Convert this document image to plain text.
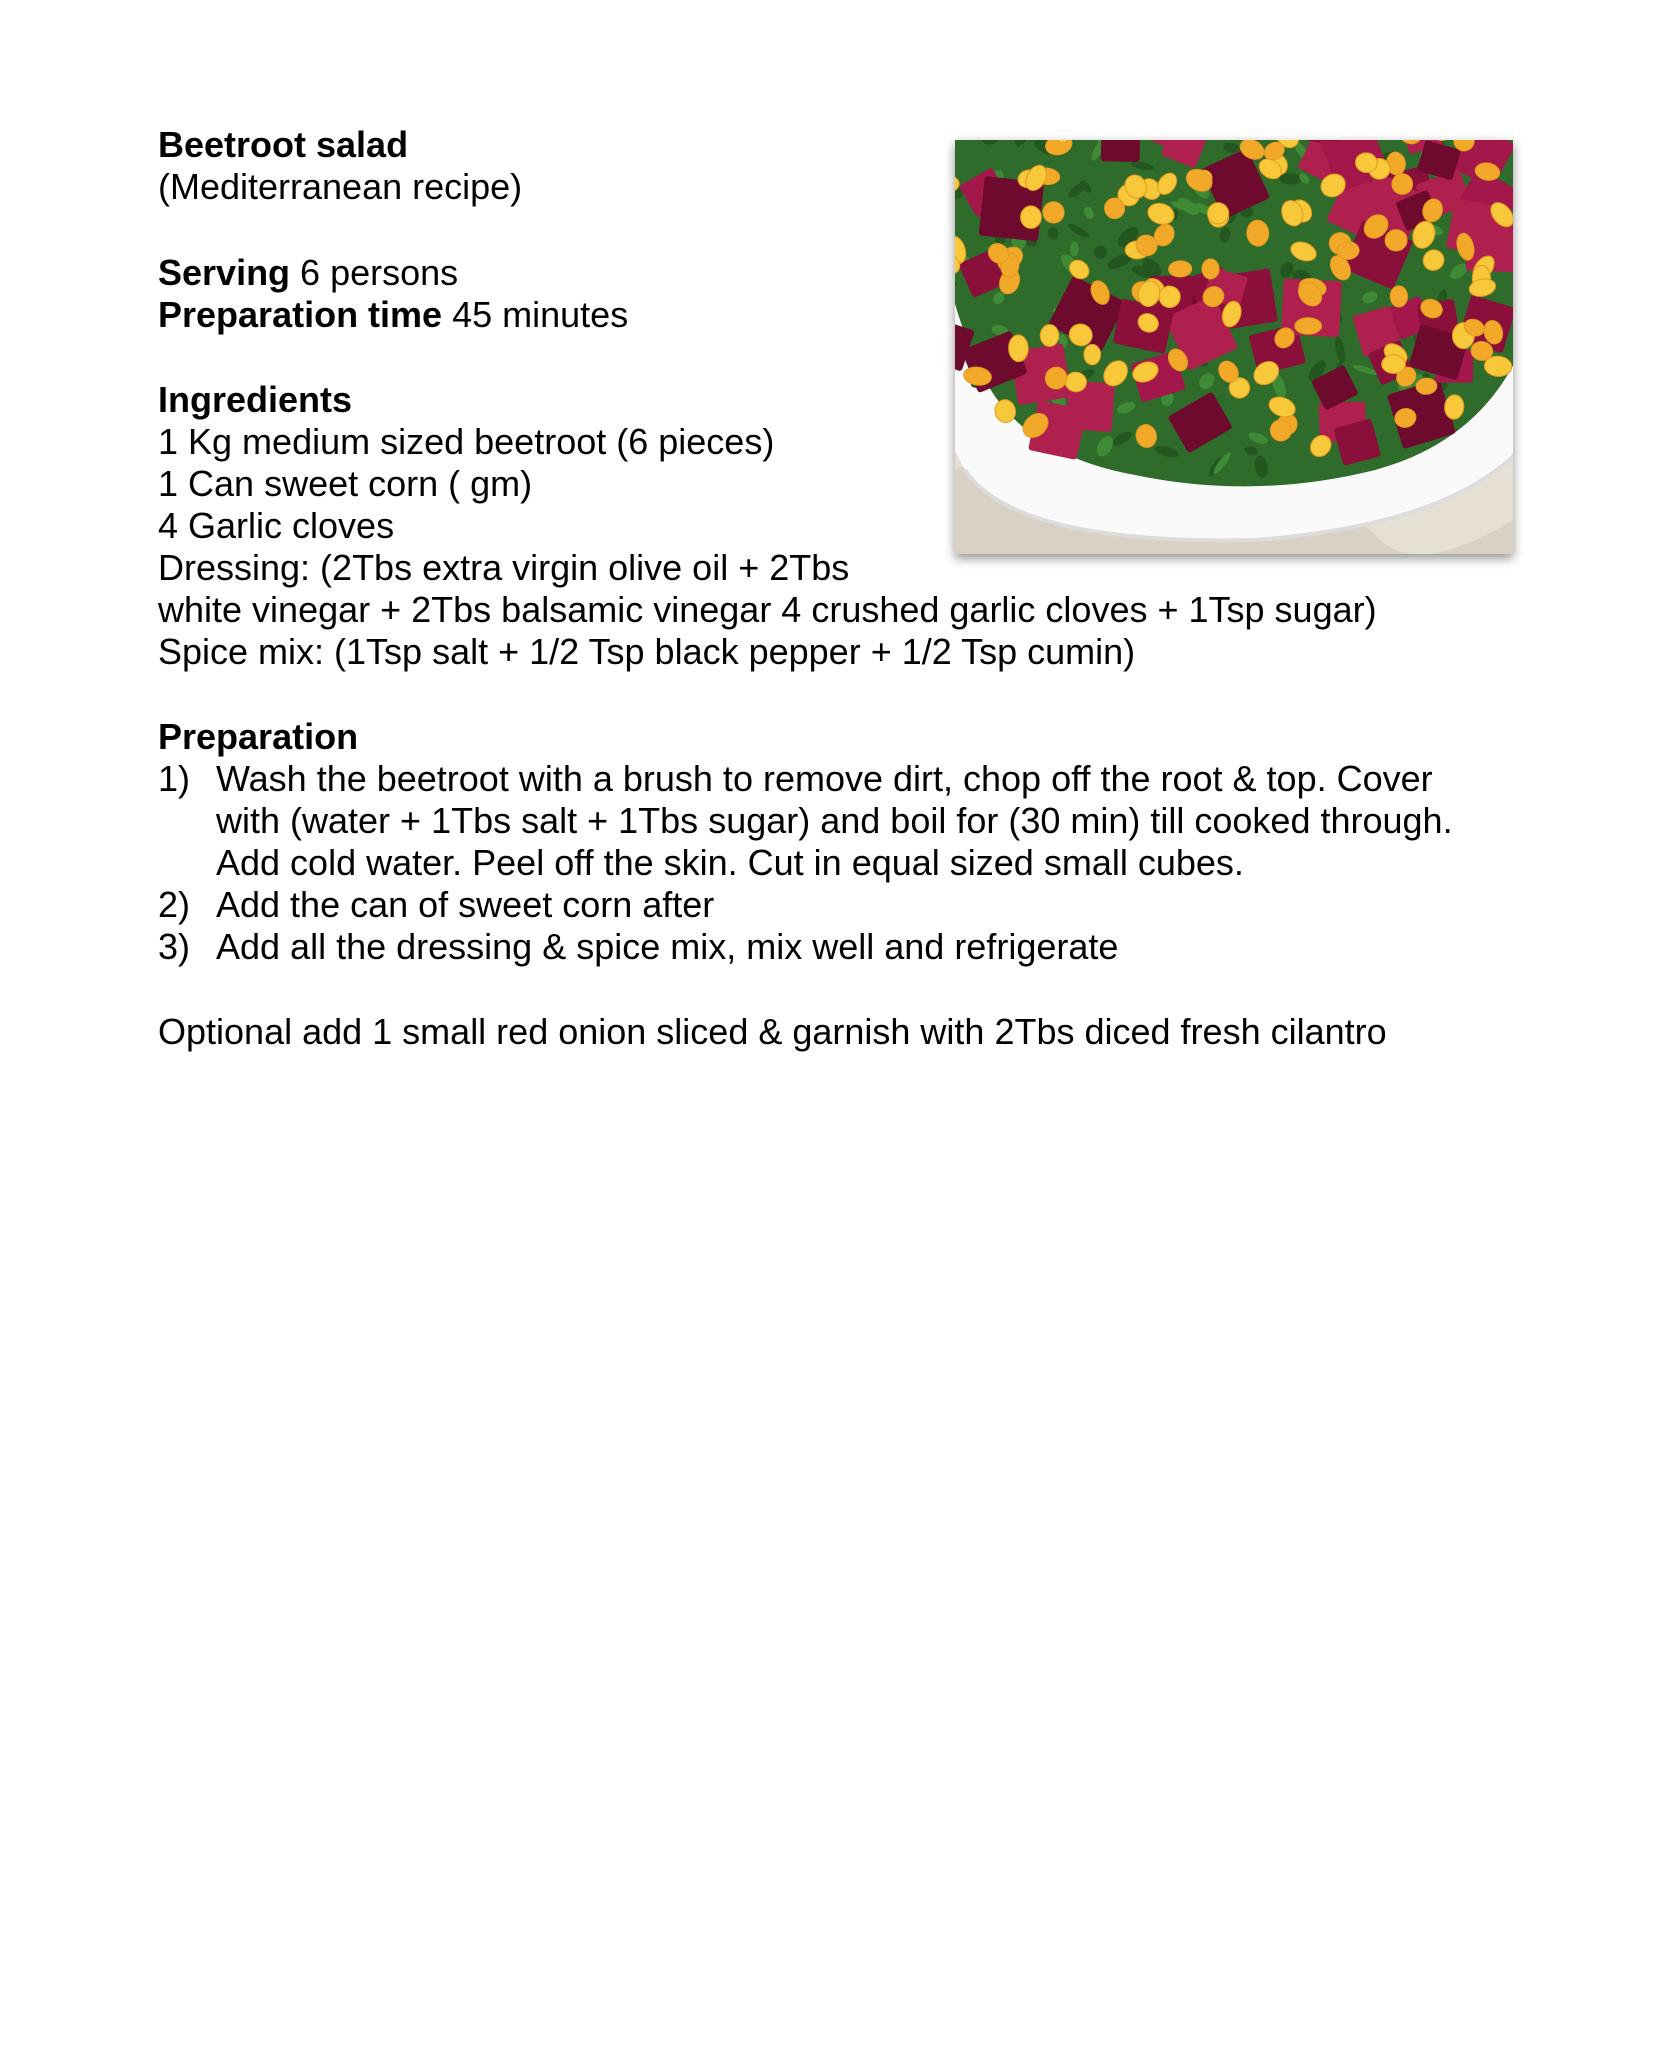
Beetroot salad
(Mediterranean recipe)
Serving 6 persons
Preparation time 45 minutes
Ingredients
1 Kg medium sized beetroot (6 pieces)
1 Can sweet corn ( gm)
4 Garlic cloves
Dressing: (2Tbs extra virgin olive oil + 2Tbs
white vinegar + 2Tbs balsamic vinegar 4 crushed garlic cloves + 1Tsp sugar)
Spice mix: (1Tsp salt + 1/2 Tsp black pepper + 1/2 Tsp cumin)
Preparation
1) Wash the beetroot with a brush to remove dirt, chop off the root & top. Cover with (water + 1Tbs salt + 1Tbs sugar) and boil for (30 min) till cooked through. Add cold water. Peel off the skin. Cut in equal sized small cubes.
2) Add the can of sweet corn after
3) Add all the dressing & spice mix, mix well and refrigerate
Optional add 1 small red onion sliced & garnish with 2Tbs diced fresh cilantro
